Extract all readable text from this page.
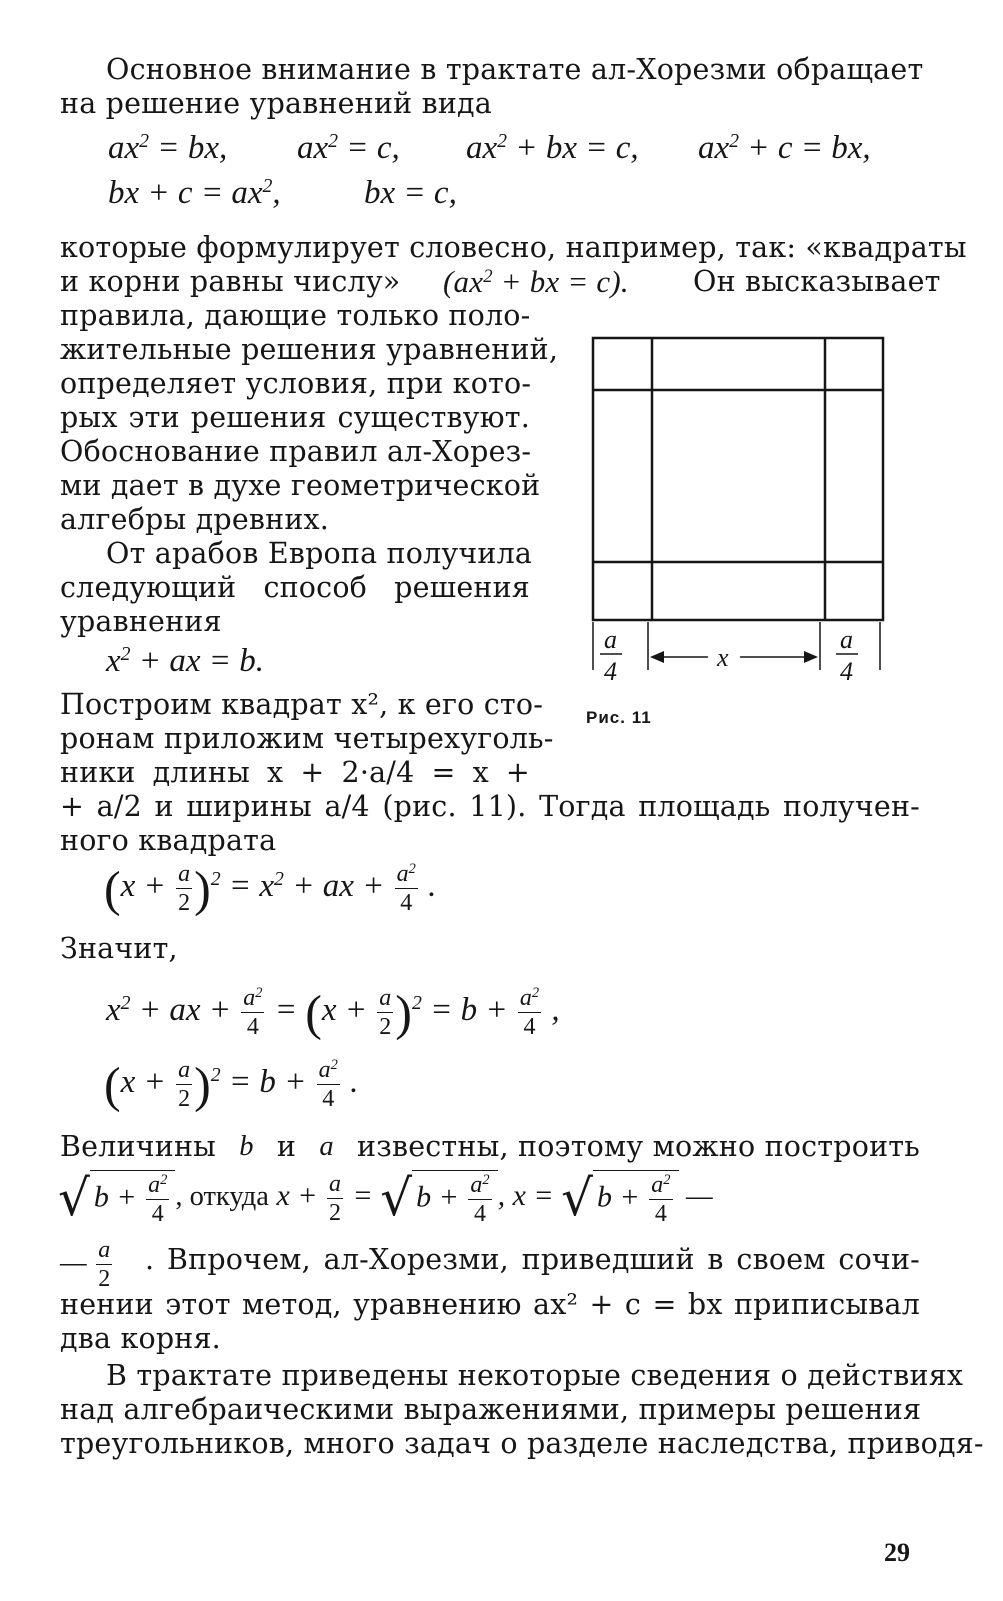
Основное внимание в трактате ал-Хорезми обращает
на решение уравнений вида
$ax^2$ = bx, $ax^2 = c$, $ax^2$ + bx = c, $ax^2 + c$ = bx,
bx + $c = ax^2$,	bx = c,
которые формулирует словесно, например, так: «квадраты
и корни равны числу» ($ax^2$ + bx = c). Он высказывает
правила, дающие только поло-
жительные решения уравнений,
определяет условия, при кото-
рых эти решения существуют.
Обоснование правил ал-Хорез-
ми дает в духе геометрической
алгебры древних.
От арабов Европа получила
следующий способ решения
уравнения
$x^2$ + ax = b.
Построим квадрат x², к его сто-
ронам приложим четырехуголь-
ники длины x + 2·a/4 = x +
+ a/2 и ширины a/4 (рис. 11). Тогда площадь получен-
ного квадрата
a
4	x
a
4
Рис. 11
$(x + \frac{a}{2} )^2 = x^2$ + ax + $\frac{a^2}{4}$ .
Значит,
$x^2$ + ax + $\frac{a^2}{4} = (x + \frac{a}{2} )^2 = b + \frac{a^2}{4}$ ,
$(x + \frac{a}{2} )^2 = b + \frac{a^2}{4}$ .
Величины b и a известны, поэтому можно построить
√ $b + \frac{a^2}{4}$ , откуда $x + \frac{a}{2}$ = √ $b + \frac{a^2}{4}$ , x = √ $b + \frac{a^2}{4}$ —
— $\frac{a}{2}$ . Впрочем, ал-Хорезми, приведший в своем сочи-
нении этот метод, уравнению ax² + c = bx приписывал
два корня.
В трактате приведены некоторые сведения о действиях
над алгебраическими выражениями, примеры решения
треугольников, много задач о разделе наследства, приводя-
29
